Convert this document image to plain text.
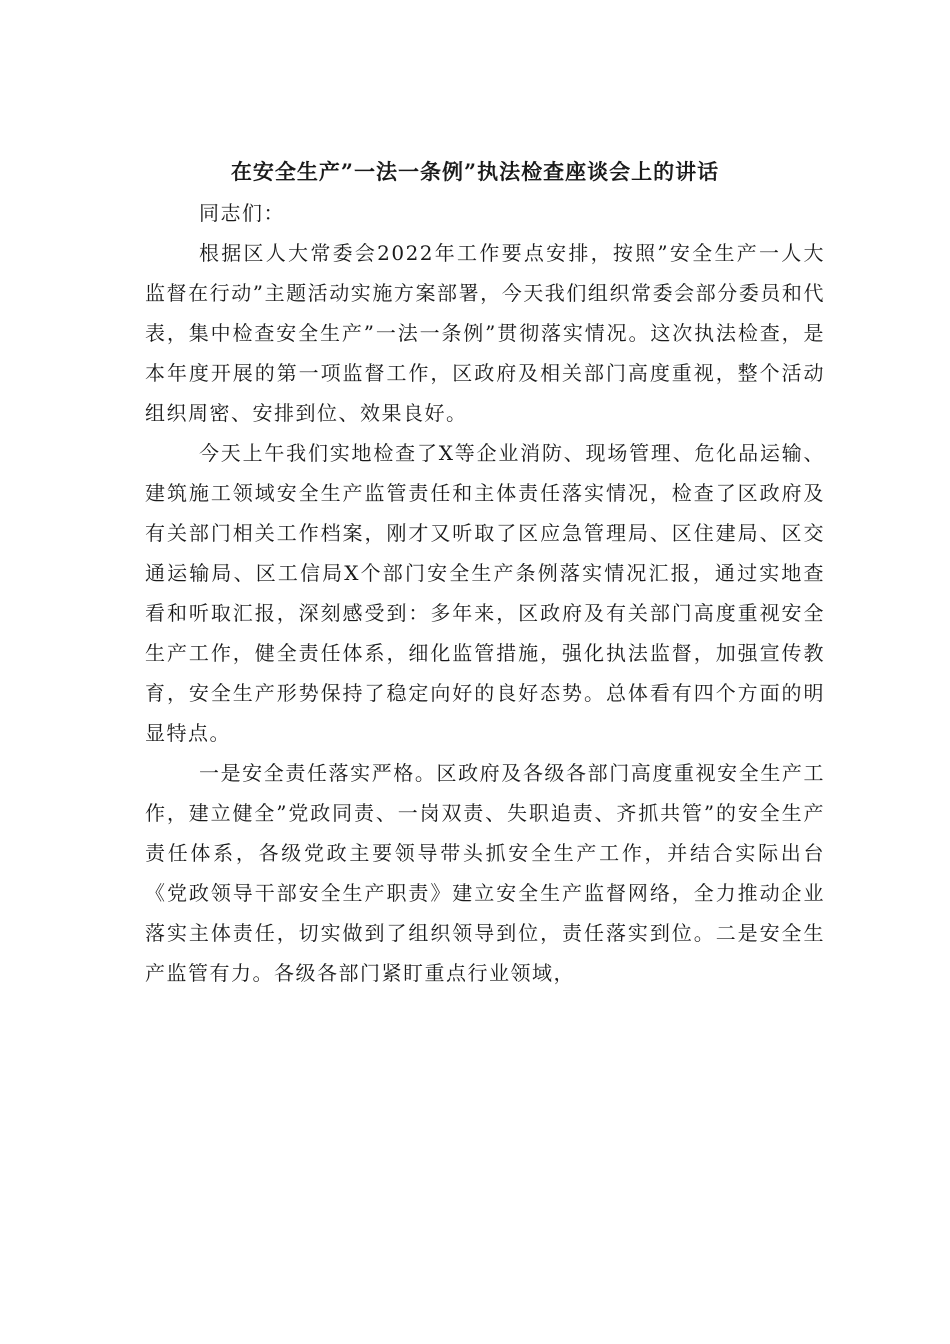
在安全生产”一法一条例”执法检查座谈会上的讲话

同志们：

根据区人大常委会2022年工作要点安排，按照”安全生产一人大监督在行动”主题活动实施方案部署，今天我们组织常委会部分委员和代表，集中检查安全生产”一法一条例”贯彻落实情况。这次执法检查，是本年度开展的第一项监督工作，区政府及相关部门高度重视，整个活动组织周密、安排到位、效果良好。

今天上午我们实地检查了X等企业消防、现场管理、危化品运输、建筑施工领域安全生产监管责任和主体责任落实情况，检查了区政府及有关部门相关工作档案，刚才又听取了区应急管理局、区住建局、区交通运输局、区工信局X个部门安全生产条例落实情况汇报，通过实地查看和听取汇报，深刻感受到：多年来，区政府及有关部门高度重视安全生产工作，健全责任体系，细化监管措施，强化执法监督，加强宣传教育，安全生产形势保持了稳定向好的良好态势。总体看有四个方面的明显特点。

一是安全责任落实严格。区政府及各级各部门高度重视安全生产工作，建立健全”党政同责、一岗双责、失职追责、齐抓共管”的安全生产责任体系，各级党政主要领导带头抓安全生产工作，并结合实际出台《党政领导干部安全生产职责》建立安全生产监督网络，全力推动企业落实主体责任，切实做到了组织领导到位，责任落实到位。二是安全生产监管有力。各级各部门紧盯重点行业领域，
